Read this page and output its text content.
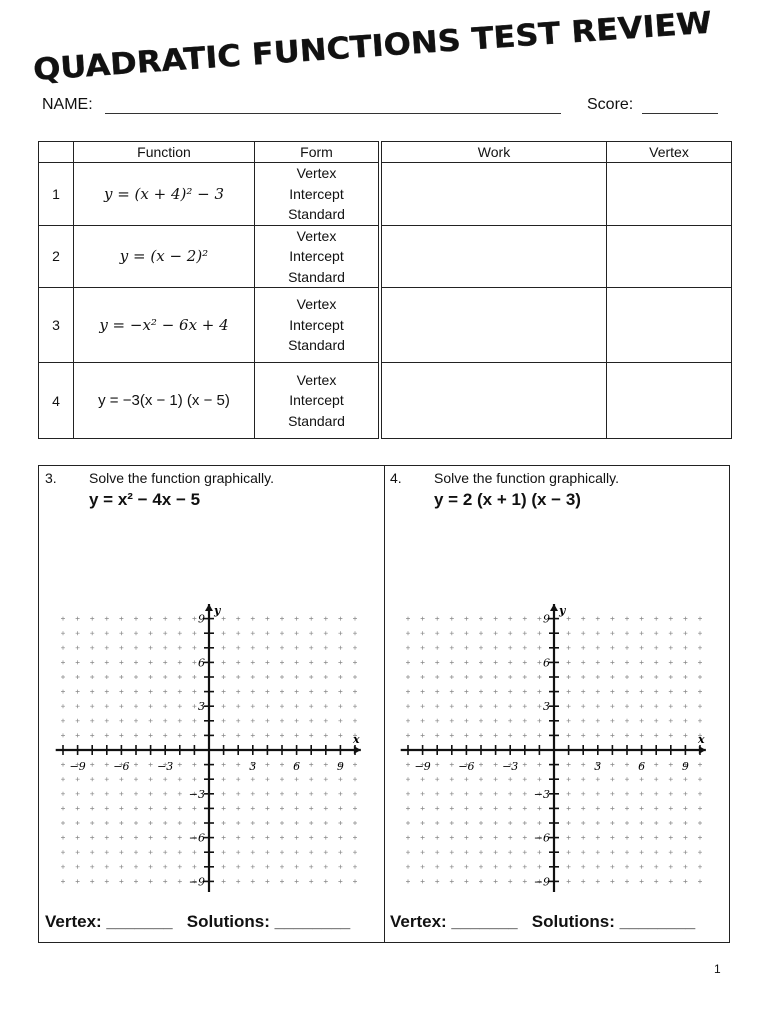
QUADRATIC FUNCTIONS TEST REVIEW
NAME:	Score:
	Function	Form		Work	Vertex
1	y = (x + 4)² − 3	Vertex
Intercept
Standard			

2	y = (x − 2)²	Vertex
Intercept
Standard			

3	y = −x² − 6x + 4	Vertex
Intercept
Standard			

4	y = −3(x − 1) (x − 5)	Vertex
Intercept
Standard			

3. Solve the function graphically.
y = x² − 4x − 5
x
y
−9	−6	−3	3	6	9
9
6
3
−3
−6
−9
Vertex: _______ Solutions: ________
4. Solve the function graphically.
y = 2 (x + 1) (x − 3)
x
y
−9	−6	−3	3	6	9
9
6
3
−3
−6
−9
Vertex: _______ Solutions: ________
1
